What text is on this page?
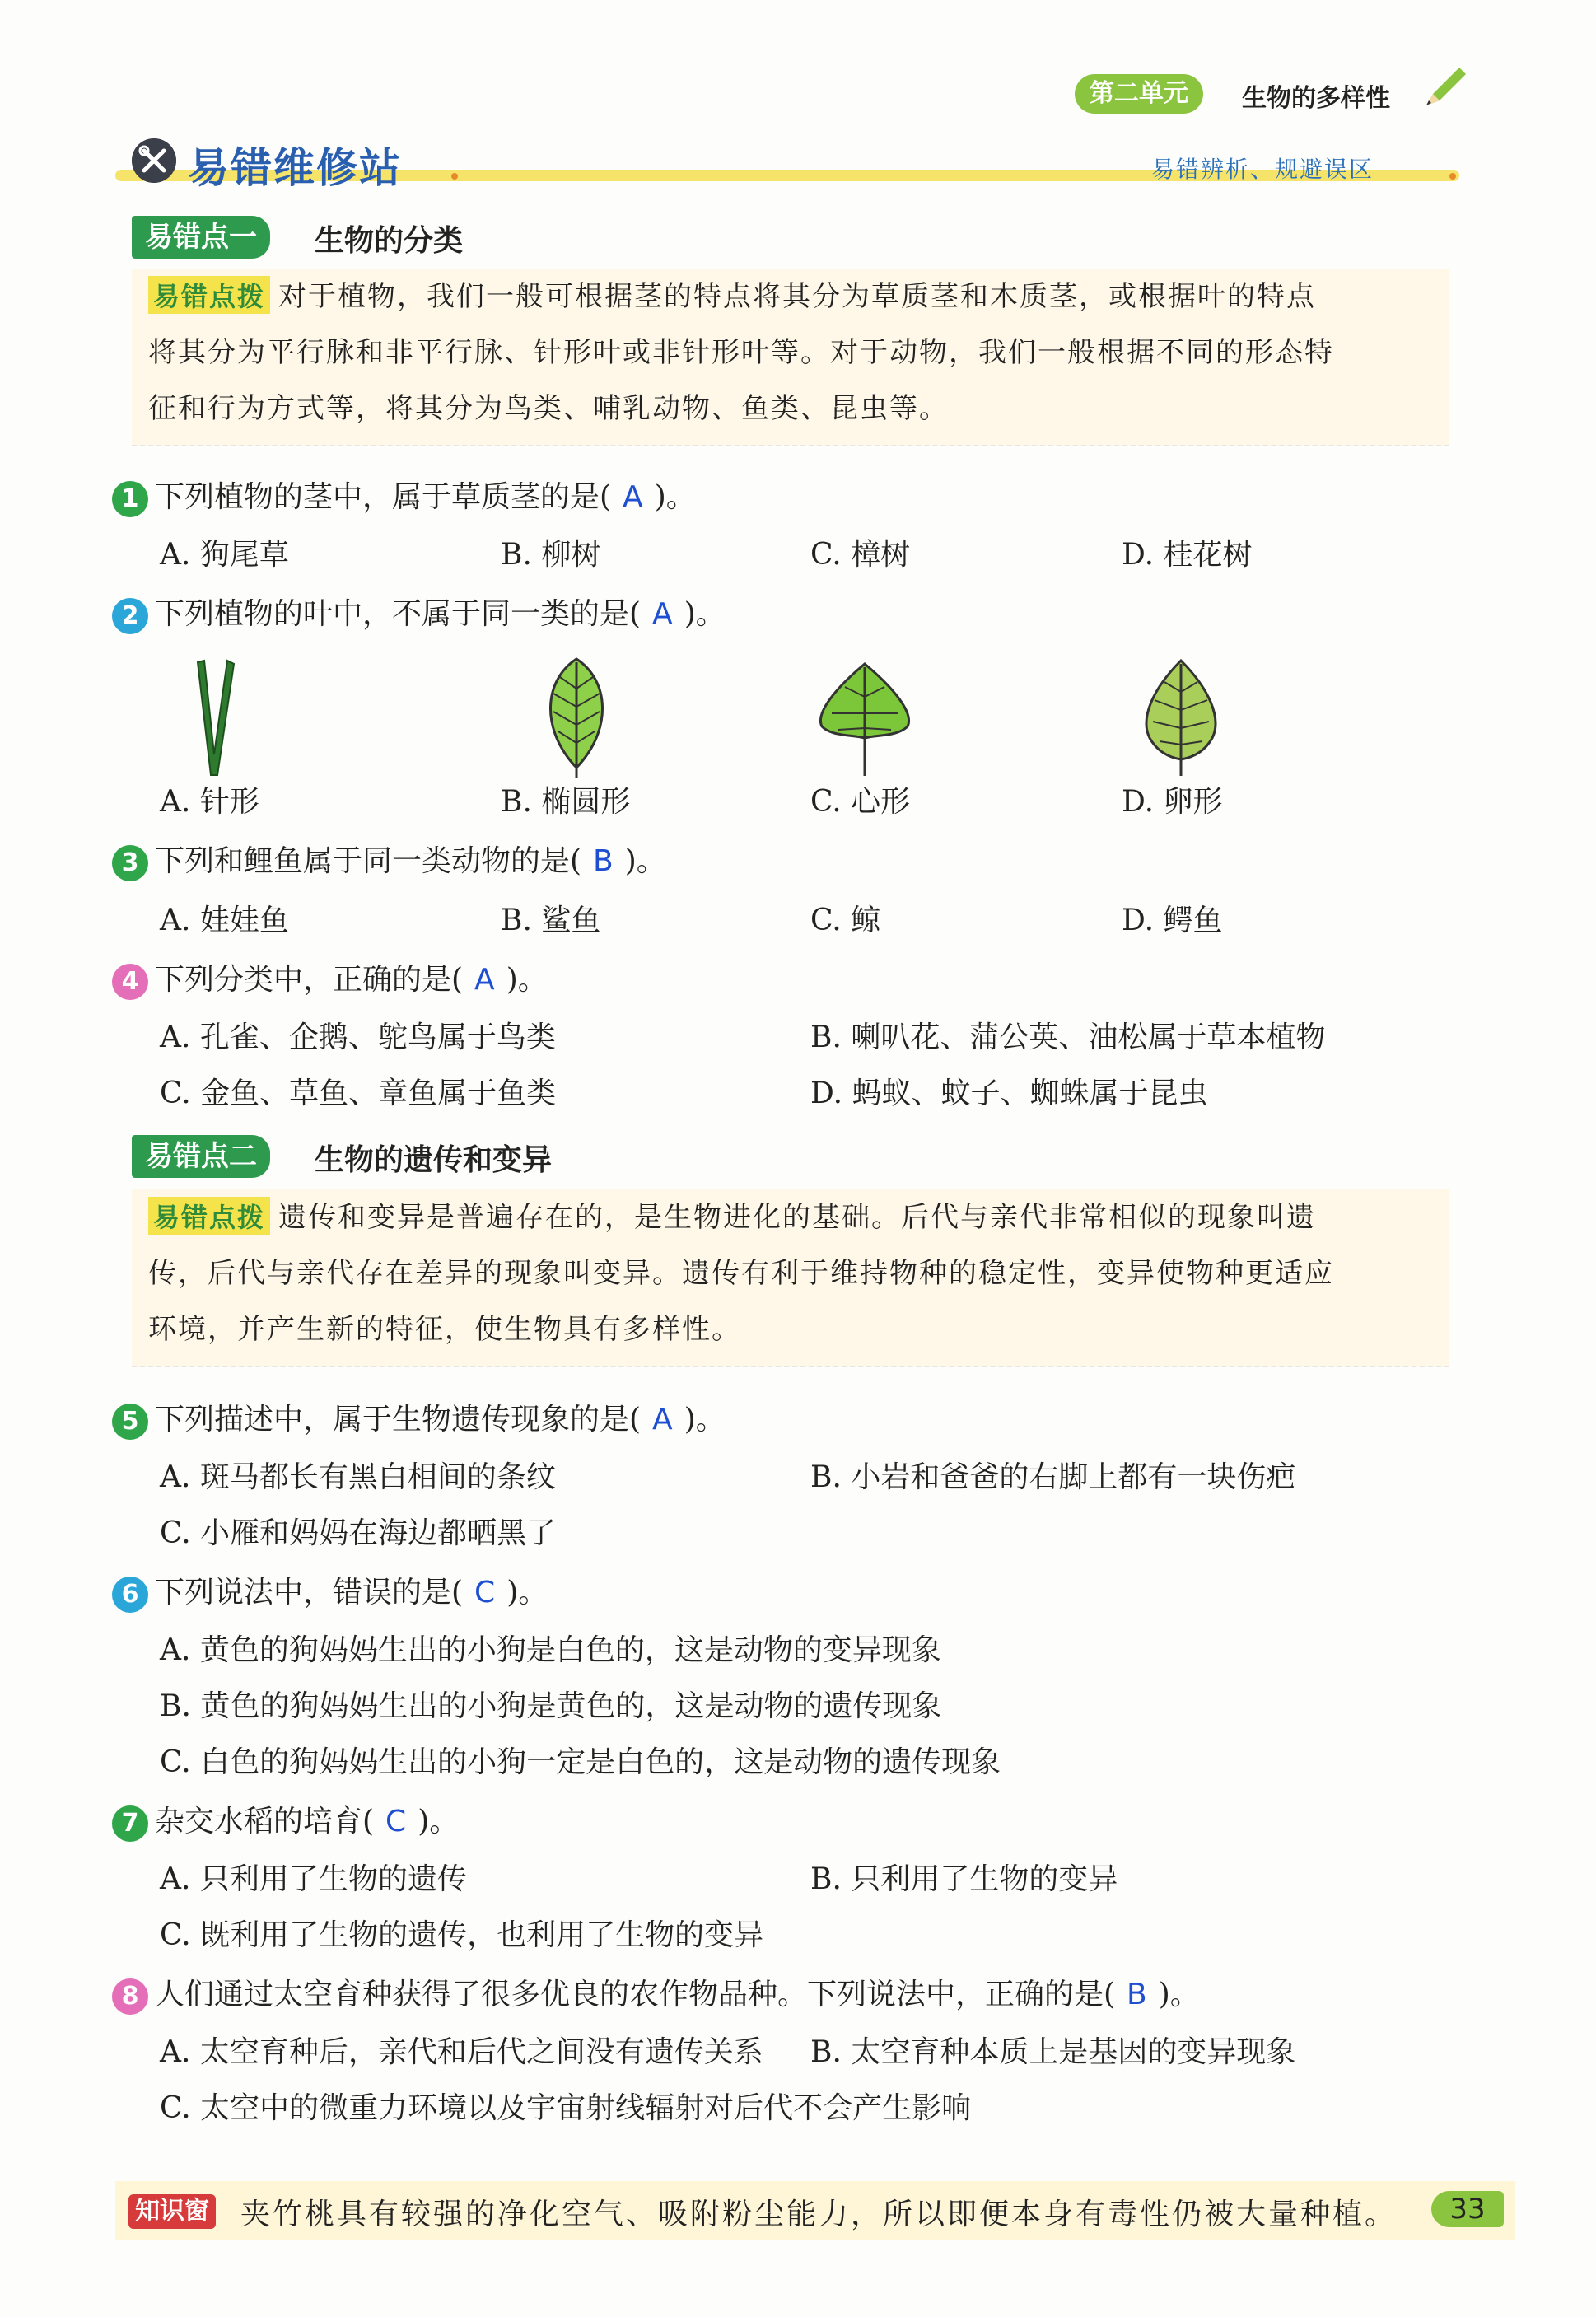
第二单元	生物的多样性
易错维修站	易错辨析、规避误区
易错点一	生物的分类
易错点拨 对于植物，我们一般可根据茎的特点将其分为草质茎和木质茎，或根据叶的特点
将其分为平行脉和非平行脉、针形叶或非针形叶等。对于动物，我们一般根据不同的形态特
征和行为方式等，将其分为鸟类、哺乳动物、鱼类、昆虫等。
1 下列植物的茎中，属于草质茎的是( A )。
A. 狗尾草	B. 柳树	C. 樟树	D. 桂花树
2 下列植物的叶中，不属于同一类的是( A )。
A. 针形	B. 椭圆形	C. 心形	D. 卵形
3 下列和鲤鱼属于同一类动物的是( B )。
A. 娃娃鱼	B. 鲨鱼	C. 鲸	D. 鳄鱼
4 下列分类中，正确的是( A )。
A. 孔雀、企鹅、鸵鸟属于鸟类	B. 喇叭花、蒲公英、油松属于草本植物
C. 金鱼、草鱼、章鱼属于鱼类	D. 蚂蚁、蚊子、蜘蛛属于昆虫
易错点二	生物的遗传和变异
易错点拨 遗传和变异是普遍存在的，是生物进化的基础。后代与亲代非常相似的现象叫遗
传，后代与亲代存在差异的现象叫变异。遗传有利于维持物种的稳定性，变异使物种更适应
环境，并产生新的特征，使生物具有多样性。
5 下列描述中，属于生物遗传现象的是( A )。
A. 斑马都长有黑白相间的条纹	B. 小岩和爸爸的右脚上都有一块伤疤
C. 小雁和妈妈在海边都晒黑了
6 下列说法中，错误的是( C )。
A. 黄色的狗妈妈生出的小狗是白色的，这是动物的变异现象
B. 黄色的狗妈妈生出的小狗是黄色的，这是动物的遗传现象
C. 白色的狗妈妈生出的小狗一定是白色的，这是动物的遗传现象
7 杂交水稻的培育( C )。
A. 只利用了生物的遗传	B. 只利用了生物的变异
C. 既利用了生物的遗传，也利用了生物的变异
8 人们通过太空育种获得了很多优良的农作物品种。下列说法中，正确的是( B )。
A. 太空育种后，亲代和后代之间没有遗传关系 B. 太空育种本质上是基因的变异现象
C. 太空中的微重力环境以及宇宙射线辐射对后代不会产生影响
知识窗 夹竹桃具有较强的净化空气、吸附粉尘能力，所以即便本身有毒性仍被大量种植。	33
